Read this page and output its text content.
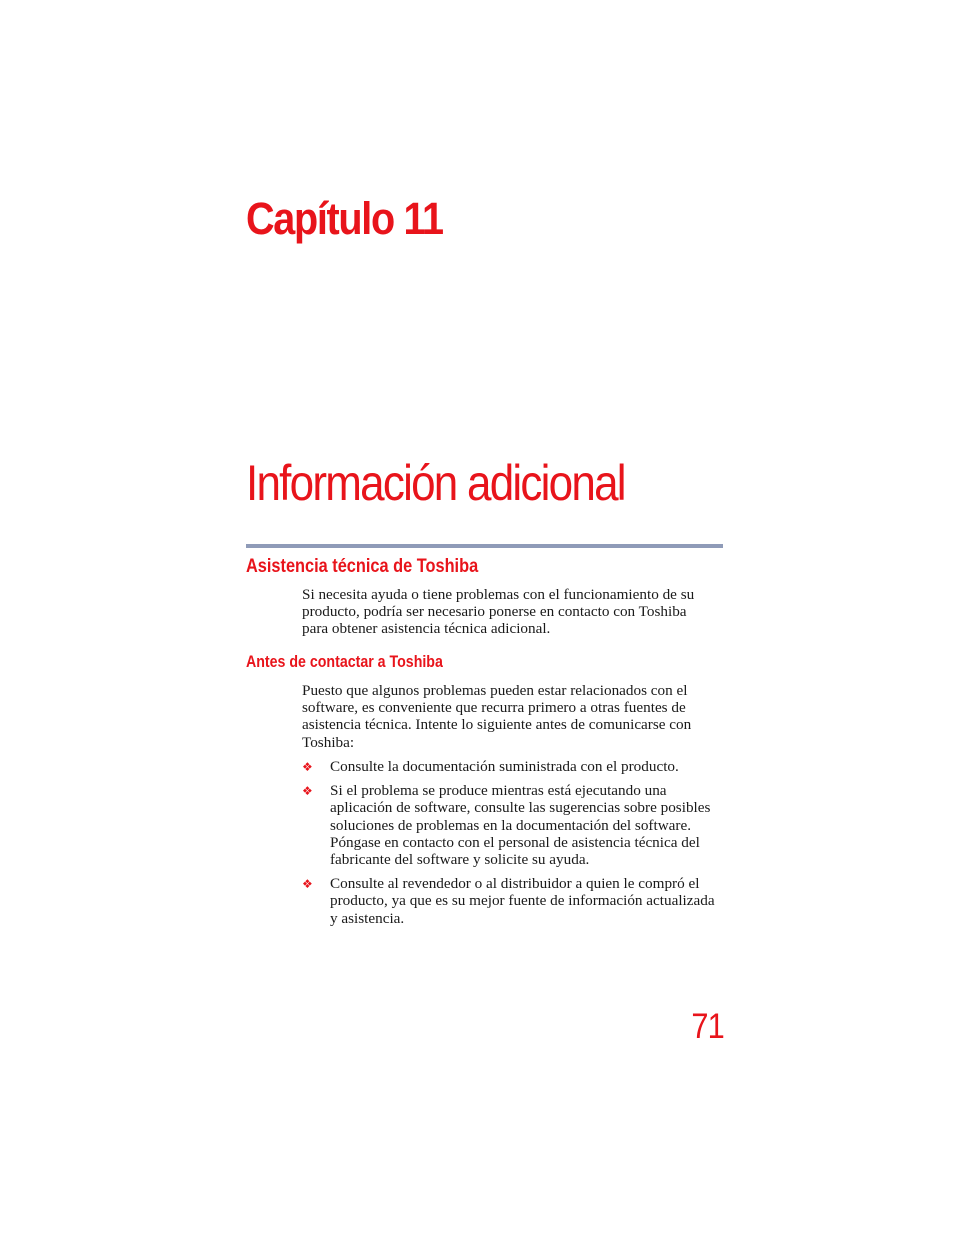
Capítulo 11
Información adicional
Asistencia técnica de Toshiba

Si necesita ayuda o tiene problemas con el funcionamiento de su
producto, podría ser necesario ponerse en contacto con Toshiba
para obtener asistencia técnica adicional.

Antes de contactar a Toshiba

Puesto que algunos problemas pueden estar relacionados con el
software, es conveniente que recurra primero a otras fuentes de
asistencia técnica. Intente lo siguiente antes de comunicarse con
Toshiba:

❖ Consulte la documentación suministrada con el producto.
❖ Si el problema se produce mientras está ejecutando una
aplicación de software, consulte las sugerencias sobre posibles
soluciones de problemas en la documentación del software.
Póngase en contacto con el personal de asistencia técnica del
fabricante del software y solicite su ayuda.
❖ Consulte al revendedor o al distribuidor a quien le compró el
producto, ya que es su mejor fuente de información actualizada
y asistencia.
71
